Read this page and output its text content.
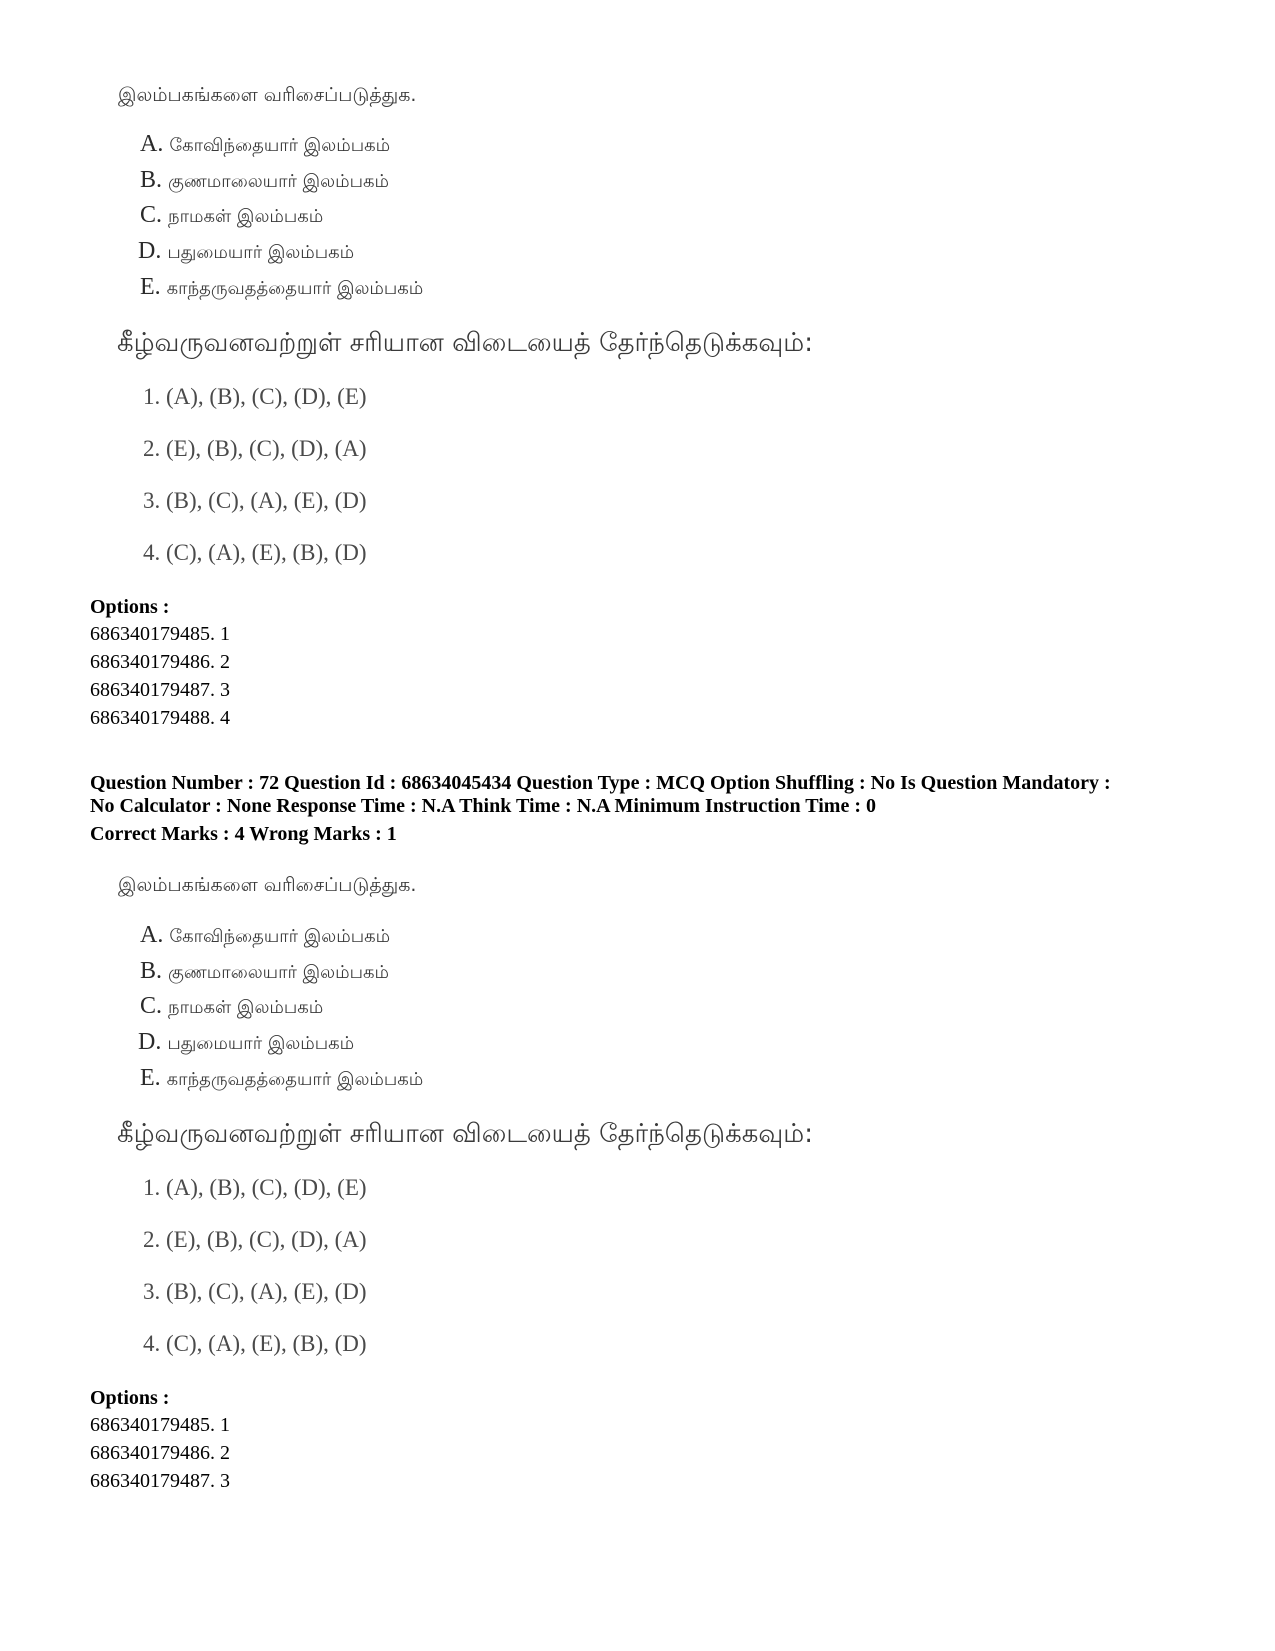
இலம்பகங்களை வரிசைப்படுத்துக.

A. கோவிந்தையார் இலம்பகம்

B. குணமாலையார் இலம்பகம்

C. நாமகள் இலம்பகம்

D. பதுமையார் இலம்பகம்

E. காந்தருவதத்தையார் இலம்பகம்

கீழ்வருவனவற்றுள் சரியான விடையைத் தேர்ந்தெடுக்கவும்:

1. (A), (B), (C), (D), (E)

2. (E), (B), (C), (D), (A)

3. (B), (C), (A), (E), (D)

4. (C), (A), (E), (B), (D)

Options :

686340179485. 1

686340179486. 2

686340179487. 3

686340179488. 4

Question Number : 72 Question Id : 68634045434 Question Type : MCQ Option Shuffling : No Is Question Mandatory :

No Calculator : None Response Time : N.A Think Time : N.A Minimum Instruction Time : 0

Correct Marks : 4 Wrong Marks : 1

இலம்பகங்களை வரிசைப்படுத்துக.

A. கோவிந்தையார் இலம்பகம்

B. குணமாலையார் இலம்பகம்

C. நாமகள் இலம்பகம்

D. பதுமையார் இலம்பகம்

E. காந்தருவதத்தையார் இலம்பகம்

கீழ்வருவனவற்றுள் சரியான விடையைத் தேர்ந்தெடுக்கவும்:

1. (A), (B), (C), (D), (E)

2. (E), (B), (C), (D), (A)

3. (B), (C), (A), (E), (D)

4. (C), (A), (E), (B), (D)

Options :

686340179485. 1

686340179486. 2

686340179487. 3
